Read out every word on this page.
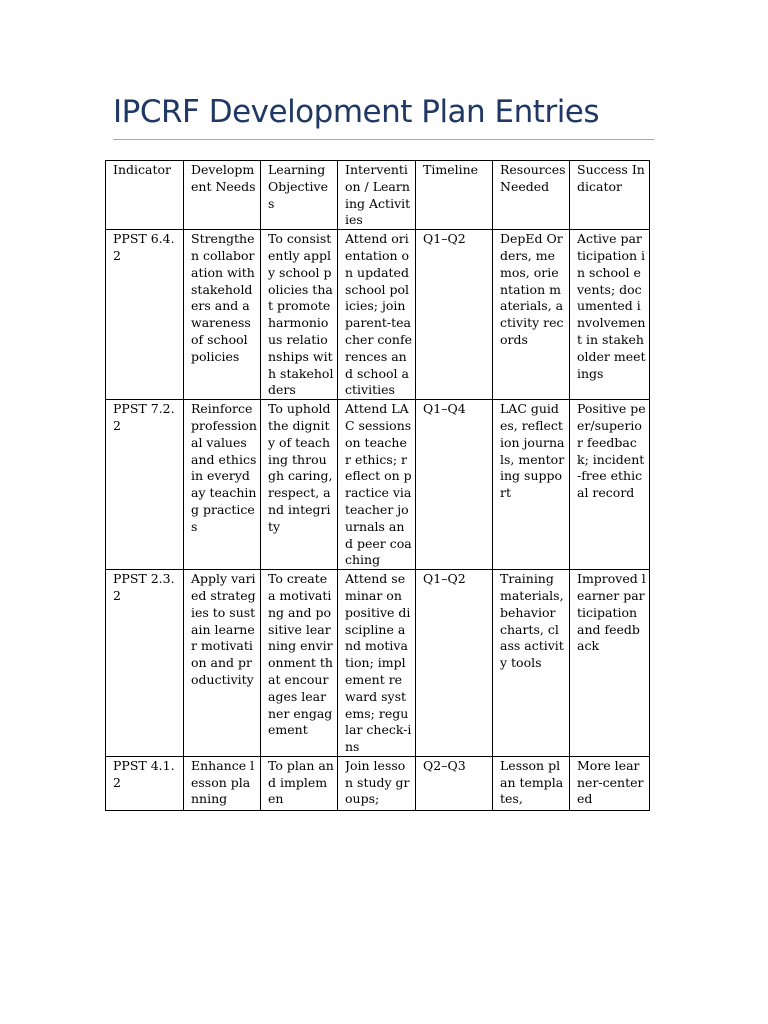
IPCRF Development Plan Entries
Indicator	Development Needs	Learning Objectives	Intervention / Learning Activities	Timeline	Resources Needed	Success Indicator
PPST 6.4.2	Strengthen collaboration with stakeholders and awareness of school policies	To consistently apply school policies that promote harmonious relationships with stakeholders	Attend orientation on updated school policies; join parent-teacher conferences and school activities	Q1–Q2	DepEd Orders, memos, orientation materials, activity records	Active participation in school events; documented involvement in stakeholder meetings
PPST 7.2.2	Reinforce professional values and ethics in everyday teaching practices	To uphold the dignity of teaching through caring, respect, and integrity	Attend LAC sessions on teacher ethics; reflect on practice via teacher journals and peer coaching	Q1–Q4	LAC guides, reflection journals, mentoring support	Positive peer/superior feedback; incident-free ethical record
PPST 2.3.2	Apply varied strategies to sustain learner motivation and productivity	To create a motivating and positive learning environment that encourages learner engagement	Attend seminar on positive discipline and motivation; implement reward systems; regular check-ins	Q1–Q2	Training materials, behavior charts, class activity tools	Improved learner participation and feedback

PPST 4.1.2	Enhance lesson planning	To plan and implemen	Join lesson study groups;	Q2–Q3	Lesson plan templates,	More learner-centered
